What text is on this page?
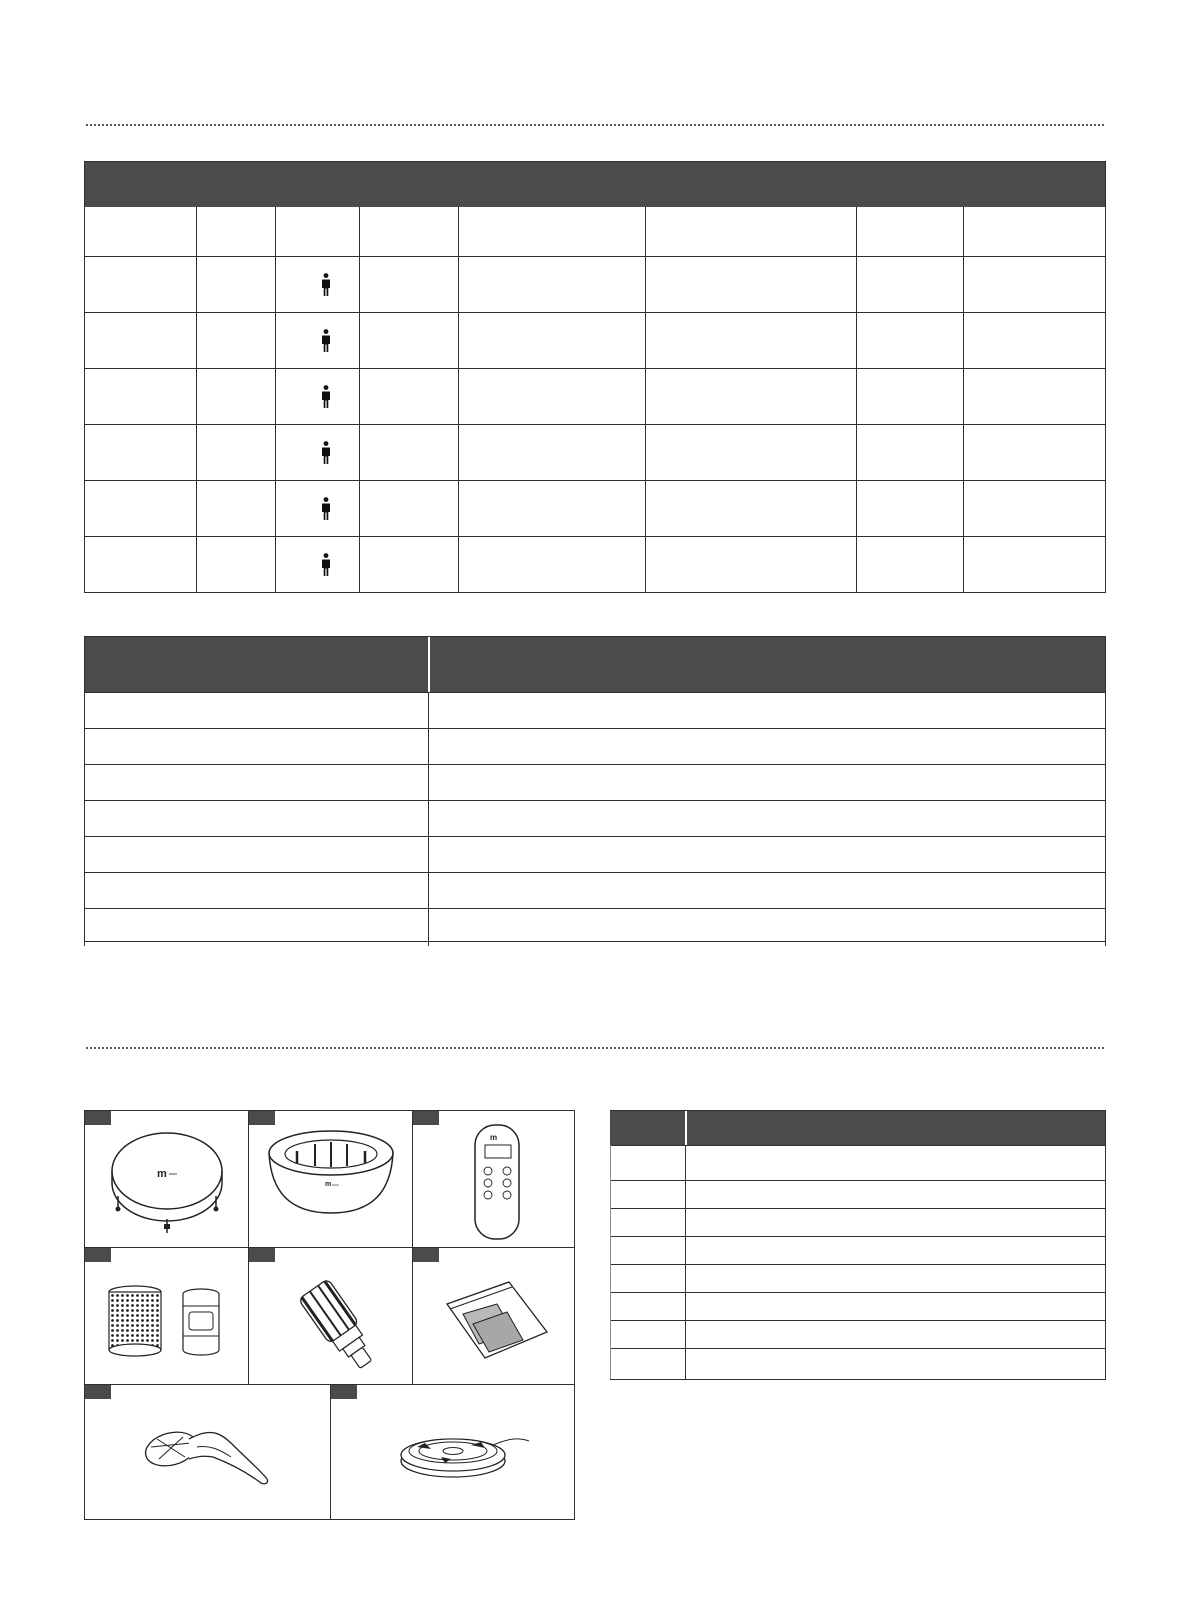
m
m
m
